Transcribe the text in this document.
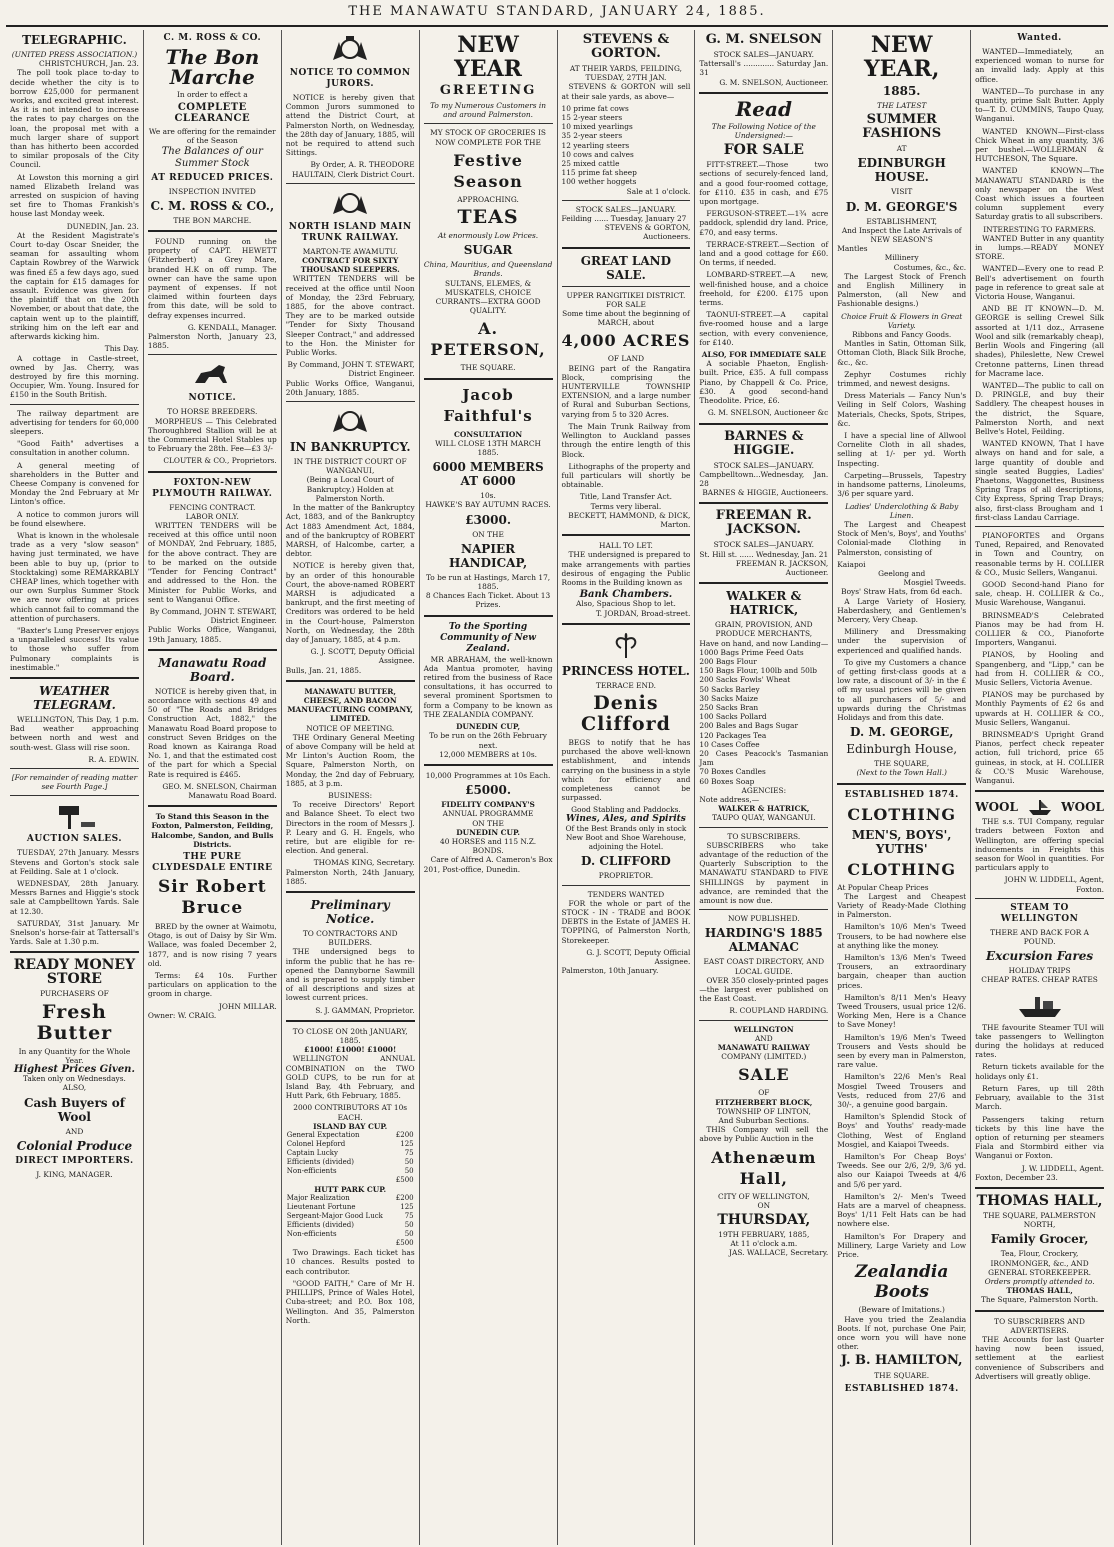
THE MANAWATU STANDARD, JANUARY 24, 1885.
TELEGRAPHIC.
(UNITED PRESS ASSOCIATION.)
CHRISTCHURCH, Jan. 23.

The poll took place to-day to decide whether the city is to borrow £25,000 for permanent works, and excited great interest. As it is not intended to increase the rates to pay charges on the loan, the proposal met with a much larger share of support than has hitherto been accorded to similar proposals of the City Council.

At Lowston this morning a girl named Elizabeth Ireland was arrested on suspicion of having set fire to Thomas Frankish's house last Monday week.

DUNEDIN, Jan. 23.

At the Resident Magistrate's Court to-day Oscar Sneider, the seaman for assaulting whom Captain Rowbrey of the Warwick was fined £5 a few days ago, sued the captain for £15 damages for assault. Evidence was given for the plaintiff that on the 20th November, or about that date, the captain went up to the plaintiff, striking him on the left ear and afterwards kicking him.

This Day.

A cottage in Castle-street, owned by Jas. Cherry, was destroyed by fire this morning. Occupier, Wm. Young. Insured for £150 in the South British.

The railway department are advertising for tenders for 60,000 sleepers.

"Good Faith" advertises a consultation in another column.

A general meeting of shareholders in the Butter and Cheese Company is convened for Monday the 2nd February at Mr Linton's office.

A notice to common jurors will be found elsewhere.

What is known in the wholesale trade as a very "slow season" having just terminated, we have been able to buy up, (prior to Stocktaking) some REMARKABLY CHEAP lines, which together with our own Surplus Summer Stock we are now offering at prices which cannot fail to command the attention of purchasers.

"Baxter's Lung Preserver enjoys a unparalleled success! Its value to those who suffer from Pulmonary complaints is inestimable."

WEATHER TELEGRAM.

WELLINGTON, This Day, 1 p.m. Bad weather approaching between north and west and south-west. Glass will rise soon.

R. A. EDWIN.
[For remainder of reading matter see Fourth Page.]
AUCTION SALES.

TUESDAY, 27th January. Messrs Stevens and Gorton's stock sale at Feilding. Sale at 1 o'clock.

WEDNESDAY, 28th January. Messrs Barnes and Higgie's stock sale at Campbelltown Yards. Sale at 12.30.

SATURDAY, 31st January. Mr Snelson's horse-fair at Tattersall's Yards. Sale at 1.30 p.m.

READY MONEY STORE
PURCHASERS OF
Fresh Butter
In any Quantity for the Whole Year.
Highest Prices Given.
Taken only on Wednesdays.
ALSO,
Cash Buyers of Wool
AND
Colonial Produce
DIRECT IMPORTERS.
J. KING, MANAGER.
C. M. ROSS & CO.
The Bon Marche
In order to effect a
COMPLETE CLEARANCE
We are offering for the remainder of the Season
The Balances of our Summer Stock
AT REDUCED PRICES.
INSPECTION INVITED
C. M. ROSS & CO.,
THE BON MARCHE.

FOUND running on the property of CAPT. HEWETT (Fitzherbert) a Grey Mare, branded H.K on off rump. The owner can have the same upon payment of expenses. If not claimed within fourteen days from this date, will be sold to defray expenses incurred.

G. KENDALL, Manager.
Palmerston North, January 23, 1885.
NOTICE.
TO HORSE BREEDERS.

MORPHEUS — This Celebrated Thoroughbred Stallion will be at the Commercial Hotel Stables up to February the 28th. Fee—£3 3/-

CLOUTER & CO., Proprietors.
FOXTON-NEW PLYMOUTH RAILWAY.
FENCING CONTRACT.
LABOR ONLY.

WRITTEN TENDERS will be received at this office until noon of MONDAY, 2nd February, 1885, for the above contract. They are to be marked on the outside "Tender for Fencing Contract" and addressed to the Hon. the Minister for Public Works, and sent to Wanganui Office.

By Command, JOHN T. STEWART, District Engineer.
Public Works Office, Wanganui, 19th January, 1885.
Manawatu Road Board.

NOTICE is hereby given that, in accordance with sections 49 and 50 of "The Roads and Bridges Construction Act, 1882," the Manawatu Road Board propose to construct Seven Bridges on the Road known as Kairanga Road No. 1, and that the estimated cost of the part for which a Special Rate is required is £465.

GEO. M. SNELSON, Chairman Manawatu Road Board.
To Stand this Season in the Foxton, Palmerston, Feilding, Halcombe, Sandon, and Bulls Districts.
THE PURE CLYDESDALE ENTIRE
Sir Robert Bruce

BRED by the owner at Waimotu, Otago, is out of Daisy by Sir Wm. Wallace, was foaled December 2, 1877, and is now rising 7 years old.

Terms: £4 10s. Further particulars on application to the groom in charge.

JOHN MILLAR.
Owner: W. CRAIG.
NOTICE TO COMMON JURORS.

NOTICE is hereby given that Common Jurors summoned to attend the District Court, at Palmerston North, on Wednesday, the 28th day of January, 1885, will not be required to attend such Sittings.

By Order, A. R. THEODORE HAULTAIN, Clerk District Court.
NORTH ISLAND MAIN TRUNK RAILWAY.
MARTON-TE AWAMUTU.
CONTRACT FOR SIXTY THOUSAND SLEEPERS.

WRITTEN TENDERS will be received at the office until Noon of Monday, the 23rd February, 1885, for the above contract. They are to be marked outside "Tender for Sixty Thousand Sleeper Contract," and addressed to the Hon. the Minister for Public Works.

By Command, JOHN T. STEWART, District Engineer.
Public Works Office, Wanganui, 20th January, 1885.
IN BANKRUPTCY.
IN THE DISTRICT COURT OF WANGANUI,
(Being a Local Court of Bankruptcy.) Holden at Palmerston North.

In the matter of the Bankruptcy Act, 1883, and of the Bankruptcy Act 1883 Amendment Act, 1884, and of the bankruptcy of ROBERT MARSH, of Halcombe, carter, a debtor.

NOTICE is hereby given that, by an order of this honourable Court, the above-named ROBERT MARSH is adjudicated a bankrupt, and the first meeting of Creditors was ordered to be held in the Court-house, Palmerston North, on Wednesday, the 28th day of January, 1885, at 4 p.m.

G. J. SCOTT, Deputy Official Assignee.
Bulls, Jan. 21, 1885.
MANAWATU BUTTER, CHEESE, AND BACON MANUFACTURING COMPANY, LIMITED.
NOTICE OF MEETING.

THE Ordinary General Meeting of above Company will be held at Mr Linton's Auction Room, the Square, Palmerston North, on Monday, the 2nd day of February, 1885, at 3 p.m.

BUSINESS:

To receive Directors' Report and Balance Sheet. To elect two Directors in the room of Messrs J. P. Leary and G. H. Engels, who retire, but are eligible for re-election. And general.

THOMAS KING, Secretary.
Palmerston North, 24th January, 1885.
Preliminary Notice.
TO CONTRACTORS AND BUILDERS.

THE undersigned begs to inform the public that he has re-opened the Dannyborne Sawmill and is prepared to supply timber of all descriptions and sizes at lowest current prices.

S. J. GAMMAN, Proprietor.
TO CLOSE ON 20th JANUARY, 1885.
£1000! £1000! £1000!

WELLINGTON ANNUAL COMBINATION on the TWO GOLD CUPS, to be run for at Island Bay, 4th February, and Hutt Park, 6th February, 1885.

2000 CONTRIBUTORS AT 10s EACH.
ISLAND BAY CUP.
General Expectation	£200
Colonel Hepford	125
Captain Lucky	75
Efficients (divided)	50
Non-efficients	50
	£500
HUTT PARK CUP.
Major Realization	£200
Lieutenant Fortune	125
Sergeant-Major Good Luck	75
Efficients (divided)	50
Non-efficients	50
	£500

Two Drawings. Each ticket has 10 chances. Results posted to each contributor.

"GOOD FAITH," Care of Mr H. PHILLIPS, Prince of Wales Hotel, Cuba-street; and P.O. Box 108, Wellington. And 35, Palmerston North.

NEW YEAR
GREETING
To my Numerous Customers in and around Palmerston.
MY STOCK OF GROCERIES IS NOW COMPLETE FOR THE
Festive Season
APPROACHING.
TEAS
At enormously Low Prices.
SUGAR
China, Mauritius, and Queensland Brands.
SULTANS, ELEMES, & MUSKATELS, CHOICE CURRANTS—EXTRA GOOD QUALITY.
A. PETERSON,
THE SQUARE.
Jacob Faithful's
CONSULTATION
WILL CLOSE 13TH MARCH 1885.
6000 MEMBERS AT 6000
10s.
HAWKE'S BAY AUTUMN RACES.
£3000.
ON THE
NAPIER HANDICAP,
To be run at Hastings, March 17, 1885.
8 Chances Each Ticket. About 13 Prizes.
To the Sporting Community of New Zealand.

MR ABRAHAM, the well-known Ada Mantua promoter, having retired from the business of Race consultations, it has occurred to several prominent Sportsmen to form a Company to be known as THE ZEALANDIA COMPANY.

DUNEDIN CUP,
To be run on the 26th February next.
12,000 MEMBERS at 10s.
10,000 Programmes at 10s Each.
£5000.
FIDELITY COMPANY'S
ANNUAL PROGRAMME
ON THE
DUNEDIN CUP.
40 HORSES and 115 N.Z. BONDS.

Care of Alfred A. Cameron's Box 201, Post-office, Dunedin.

STEVENS & GORTON.
AT THEIR YARDS, FEILDING,
TUESDAY, 27TH JAN.

STEVENS & GORTON will sell at their sale yards, as above—

10 prime fat cows
15 2-year steers
10 mixed yearlings
35 2-year steers
12 yearling steers
10 cows and calves
25 mixed cattle
115 prime fat sheep
100 wether hoggets
Sale at 1 o'clock.
STOCK SALES—JANUARY.
Feilding ...... Tuesday, January 27
STEVENS & GORTON, Auctioneers.
GREAT LAND SALE.
UPPER RANGITIKEI DISTRICT.
FOR SALE
Some time about the beginning of
MARCH, about
4,000 ACRES
OF LAND

BEING part of the Rangatira Block, comprising the HUNTERVILLE TOWNSHIP EXTENSION, and a large number of Rural and Suburban Sections, varying from 5 to 320 Acres.

The Main Trunk Railway from Wellington to Auckland passes through the entire length of this Block.

Lithographs of the property and full particulars will shortly be obtainable.

Title, Land Transfer Act.
Terms very liberal.
BECKETT, HAMMOND, & DICK, Marton.
HALL TO LET.

THE undersigned is prepared to make arrangements with parties desirous of engaging the Public Rooms in the Building known as

Bank Chambers.
Also, Spacious Shop to let.
T. JORDAN, Broad-street.
PRINCESS HOTEL.
TERRACE END.
Denis Clifford

BEGS to notify that he has purchased the above well-known establishment, and intends carrying on the business in a style which for efficiency and completeness cannot be surpassed.

Good Stabling and Paddocks.
Wines, Ales, and Spirits
Of the Best Brands only in stock
New Boot and Shoe Warehouse, adjoining the Hotel.
D. CLIFFORD
PROPRIETOR.
TENDERS WANTED

FOR the whole or part of the STOCK - IN - TRADE and BOOK DEBTS in the Estate of JAMES H. TOPPING, of Palmerston North, Storekeeper.

G. J. SCOTT, Deputy Official Assignee.
Palmerston, 10th January.
G. M. SNELSON
STOCK SALES—JANUARY.
Tattersall's ............. Saturday Jan. 31
G. M. SNELSON, Auctioneer.
Read
The Following Notice of the Undersigned:—
FOR SALE

FITT-STREET.—Those two sections of securely-fenced land, and a good four-roomed cottage, for £110. £35 in cash, and £75 upon mortgage.

FERGUSON-STREET.—1¾ acre paddock, splendid dry land. Price, £70, and easy terms.

TERRACE-STREET.—Section of land and a good cottage for £60. On terms, if needed.

LOMBARD-STREET.—A new, well-finished house, and a choice freehold, for £200. £175 upon terms.

TAONUI-STREET.—A capital five-roomed house and a large section, with every convenience, for £140.

ALSO, FOR IMMEDIATE SALE

A sociable Phaeton, English-built. Price, £35. A full compass Piano, by Chappell & Co. Price, £30. A good second-hand Theodolite. Price, £6.

G. M. SNELSON, Auctioneer &c
BARNES & HIGGIE.
STOCK SALES—JANUARY.
Campbelltown...Wednesday, Jan. 28
BARNES & HIGGIE, Auctioneers.
FREEMAN R. JACKSON.
STOCK SALES—JANUARY.
St. Hill st. ...... Wednesday, Jan. 21
FREEMAN R. JACKSON, Auctioneer.
WALKER & HATRICK,
GRAIN, PROVISION, AND PRODUCE MERCHANTS,
Have on hand, and now Landing—
1000 Bags Prime Feed Oats
200 Bags Flour
150 Bags Flour, 100lb and 50lb
200 Sacks Fowls' Wheat
50 Sacks Barley
30 Sacks Maize
250 Sacks Bran
100 Sacks Pollard
200 Bales and Bags Sugar
120 Packages Tea
10 Cases Coffee
20 Cases Peacock's Tasmanian Jam
70 Boxes Candles
60 Boxes Soap
AGENCIES:
Note address,—
WALKER & HATRICK,
TAUPO QUAY, WANGANUI.
TO SUBSCRIBERS.

SUBSCRIBERS who take advantage of the reduction of the Quarterly Subscription to the MANAWATU STANDARD to FIVE SHILLINGS by payment in advance, are reminded that the amount is now due.

NOW PUBLISHED.
HARDING'S 1885 ALMANAC
EAST COAST DIRECTORY, AND LOCAL GUIDE.

OVER 350 closely-printed pages—the largest ever published on the East Coast.

R. COUPLAND HARDING.
WELLINGTON
AND
MANAWATU RAILWAY
COMPANY (LIMITED.)
SALE
OF
FITZHERBERT BLOCK,
TOWNSHIP OF LINTON,
And Suburban Sections.

THIS Company will sell the above by Public Auction in the

Athenæum Hall,
CITY OF WELLINGTON,
ON
THURSDAY,
19TH FEBRUARY, 1885,
At 11 o'clock a.m.
JAS. WALLACE, Secretary.
NEW YEAR,
1885.
THE LATEST
SUMMER FASHIONS
AT
EDINBURGH HOUSE.
VISIT
D. M. GEORGE'S
ESTABLISHMENT,
And Inspect the Late Arrivals of NEW SEASON'S
Mantles
Millinery
Costumes, &c., &c.

The Largest Stock of French and English Millinery in Palmerston, (all New and Fashionable designs.)

Choice Fruit & Flowers in Great Variety.
Ribbons and Fancy Goods.

Mantles in Satin, Ottoman Silk, Ottoman Cloth, Black Silk Broche, &c., &c.

Zephyr Costumes richly trimmed, and newest designs.

Dress Materials — Fancy Nun's Veiling in Self Colors, Washing Materials, Checks, Spots, Stripes, &c.

I have a special line of Allwool Cornelite Cloth in all shades, selling at 1/- per yd. Worth Inspecting.

Carpeting—Brussels, Tapestry in handsome patterns, Linoleums, 3/6 per square yard.

Ladies' Underclothing & Baby Linen.

The Largest and Cheapest Stock of Men's, Boys', and Youths' Colonial-made Clothing in Palmerston, consisting of

Kaiapoi
Geelong and
Mosgiel Tweeds.
Boys' Straw Hats, from 6d each.

A Large Variety of Hosiery, Haberdashery, and Gentlemen's Mercery, Very Cheap.

Millinery and Dressmaking under the supervision of experienced and qualified hands.

To give my Customers a chance of getting first-class goods at a low rate, a discount of 3/- in the £ off my usual prices will be given to all purchasers of 5/- and upwards during the Christmas Holidays and from this date.

D. M. GEORGE,
Edinburgh House,
THE SQUARE,
(Next to the Town Hall.)
ESTABLISHED 1874.
CLOTHING
MEN'S, BOYS', YUTHS'
CLOTHING
At Popular Cheap Prices

The Largest and Cheapest Variety of Ready-Made Clothing in Palmerston.

Hamilton's 10/6 Men's Tweed Trousers, to be had nowhere else at anything like the money.

Hamilton's 13/6 Men's Tweed Trousers, an extraordinary bargain, cheaper than auction prices.

Hamilton's 8/11 Men's Heavy Tweed Trousers, usual price 12/6. Working Men, Here is a Chance to Save Money!

Hamilton's 19/6 Men's Tweed Trousers and Vests should be seen by every man in Palmerston, rare value.

Hamilton's 22/6 Men's Real Mosgiel Tweed Trousers and Vests, reduced from 27/6 and 30/-, a genuine good bargain.

Hamilton's Splendid Stock of Boys' and Youths' ready-made Clothing, West of England Mosgiel, and Kaiapoi Tweeds.

Hamilton's For Cheap Boys' Tweeds. See our 2/6, 2/9, 3/6 yd. also our Kaiapoi Tweeds at 4/6 and 5/6 per yard.

Hamilton's 2/- Men's Tweed Hats are a marvel of cheapness. Boys' 1/11 Felt Hats can be had nowhere else.

Hamilton's For Drapery and Millinery, Large Variety and Low Price.

Zealandia Boots
(Beware of Imitations.)

Have you tried the Zealandia Boots. If not, purchase One Pair, once worn you will have none other.

J. B. HAMILTON,
THE SQUARE.
ESTABLISHED 1874.
Wanted.

WANTED—Immediately, an experienced woman to nurse for an invalid lady. Apply at this office.

WANTED—To purchase in any quantity, prime Salt Butter. Apply to—T. D. CUMMINS, Taupo Quay, Wanganui.

WANTED KNOWN—First-class Chick Wheat in any quantity, 3/6 per bushel.—WOLLERMAN & HUTCHESON, The Square.

WANTED KNOWN—The MANAWATU STANDARD is the only newspaper on the West Coast which issues a fourteen column supplement every Saturday gratis to all subscribers.

INTERESTING TO FARMERS.

WANTED Butter in any quantity in lumps.—READY MONEY STORE.

WANTED—Every one to read P. Bell's advertisement on fourth page in reference to great sale at Victoria House, Wanganui.

AND BE IT KNOWN—D. M. GEORGE is selling Crewel Silk assorted at 1/11 doz., Arrasene Wool and silk (remarkably cheap), Berlin Wools and Fingering (all shades), Phileslette, New Crewel Cretonne patterns, Linen thread for Macrame lace.

WANTED—The public to call on D. PRINGLE, and buy their Saddlery. The cheapest houses in the district, the Square, Palmerston North, and next Bellve's Hotel, Feilding.

WANTED KNOWN, That I have always on hand and for sale, a large quantity of double and single seated Buggies, Ladies' Phaetons, Waggonettes, Business Spring Traps of all descriptions, City Express, Spring Trap Drays; also, first-class Brougham and 1 first-class Landau Carriage.

PIANOFORTES and Organs Tuned, Repaired, and Renovated in Town and Country, on reasonable terms by H. COLLIER & CO., Music Sellers, Wanganui.

GOOD Second-hand Piano for sale, cheap. H. COLLIER & Co., Music Warehouse, Wanganui.

BRINSMEAD'S Celebrated Pianos may be had from H. COLLIER & CO., Pianoforte Importers, Wanganui.

PIANOS, by Hooling and Spangenberg, and "Lipp," can be had from H. COLLIER & CO., Music Sellers, Victoria Avenue.

PIANOS may be purchased by Monthly Payments of £2 6s and upwards at H. COLLIER & CO., Music Sellers, Wanganui.

BRINSMEAD'S Upright Grand Pianos, perfect check repeater action, full trichord, price 65 guineas, in stock, at H. COLLIER & CO.'S Music Warehouse, Wanganui.

WOOL	WOOL

THE s.s. TUI Company, regular traders between Foxton and Wellington, are offering special inducements in Freights this season for Wool in quantities. For particulars apply to

JOHN W. LIDDELL, Agent, Foxton.
STEAM TO WELLINGTON
THERE AND BACK FOR A POUND.
Excursion Fares
HOLIDAY TRIPS
CHEAP RATES. CHEAP RATES

THE favourite Steamer TUI will take passengers to Wellington during the holidays at reduced rates.

Return tickets available for the holidays only £1.

Return Fares, up till 28th February, available to the 31st March.

Passengers taking return tickets by this line have the option of returning per steamers Fiala and Stormbird either via Wanganui or Foxton.

J. W. LIDDELL, Agent.
Foxton, December 23.
THOMAS HALL,
THE SQUARE, PALMERSTON NORTH,
Family Grocer,
Tea, Flour, Crockery,
IRONMONGER, &c., AND GENERAL STOREKEEPER.
Orders promptly attended to.
THOMAS HALL,
The Square, Palmerston North.
TO SUBSCRIBERS AND ADVERTISERS.

THE Accounts for last Quarter having now been issued, settlement at the earliest convenience of Subscribers and Advertisers will greatly oblige.
